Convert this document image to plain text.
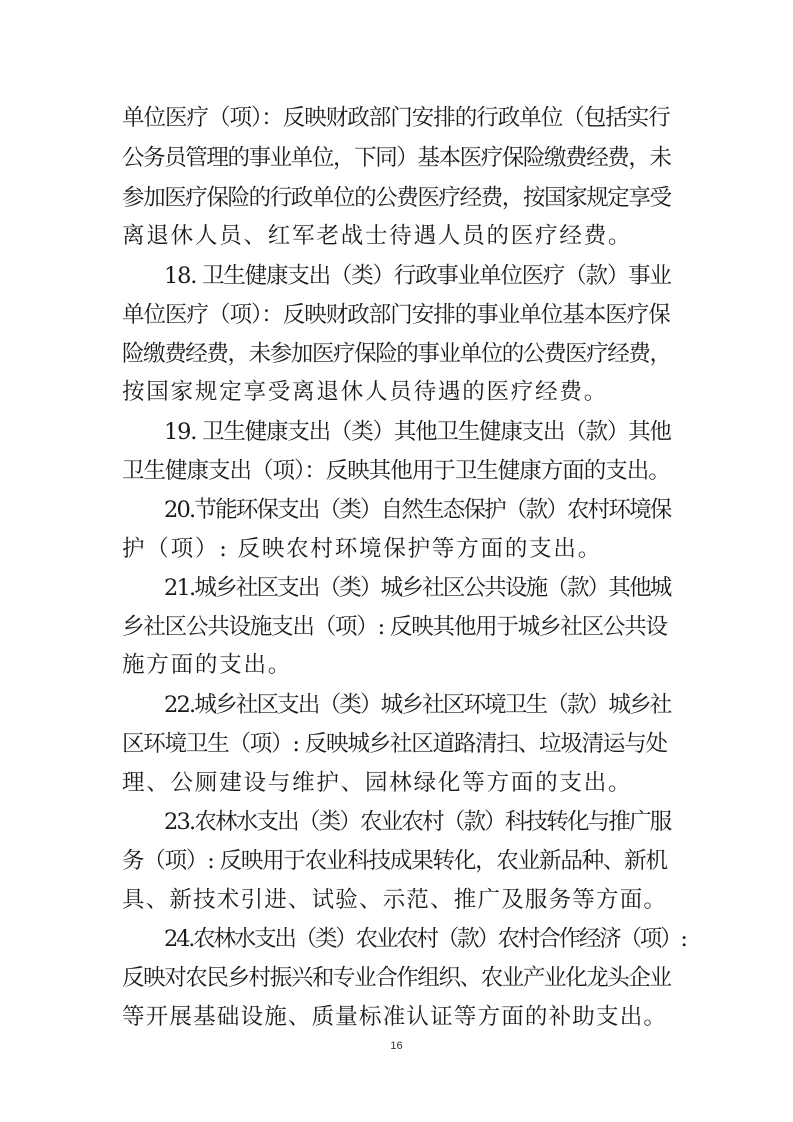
单位医疗（项）：反映财政部门安排的行政单位（包括实行
公务员管理的事业单位，下同）基本医疗保险缴费经费，未
参加医疗保险的行政单位的公费医疗经费，按国家规定享受
离退休人员、红军老战士待遇人员的医疗经费。
18. 卫生健康支出（类）行政事业单位医疗（款）事业
单位医疗（项）：反映财政部门安排的事业单位基本医疗保
险缴费经费，未参加医疗保险的事业单位的公费医疗经费，
按国家规定享受离退休人员待遇的医疗经费。
19. 卫生健康支出（类）其他卫生健康支出（款）其他
卫生健康支出（项）：反映其他用于卫生健康方面的支出。
20.节能环保支出（类）自然生态保护（款）农村环境保
护（项）: 反映农村环境保护等方面的支出。
21.城乡社区支出（类）城乡社区公共设施（款）其他城
乡社区公共设施支出（项）: 反映其他用于城乡社区公共设
施方面的支出。
22.城乡社区支出（类）城乡社区环境卫生（款）城乡社
区环境卫生（项）: 反映城乡社区道路清扫、垃圾清运与处
理、公厕建设与维护、园林绿化等方面的支出。
23.农林水支出（类）农业农村（款）科技转化与推广服
务（项）: 反映用于农业科技成果转化，农业新品种、新机
具、新技术引进、试验、示范、推广及服务等方面。
24.农林水支出（类）农业农村（款）农村合作经济（项）:
反映对农民乡村振兴和专业合作组织、农业产业化龙头企业
等开展基础设施、质量标准认证等方面的补助支出。
16
